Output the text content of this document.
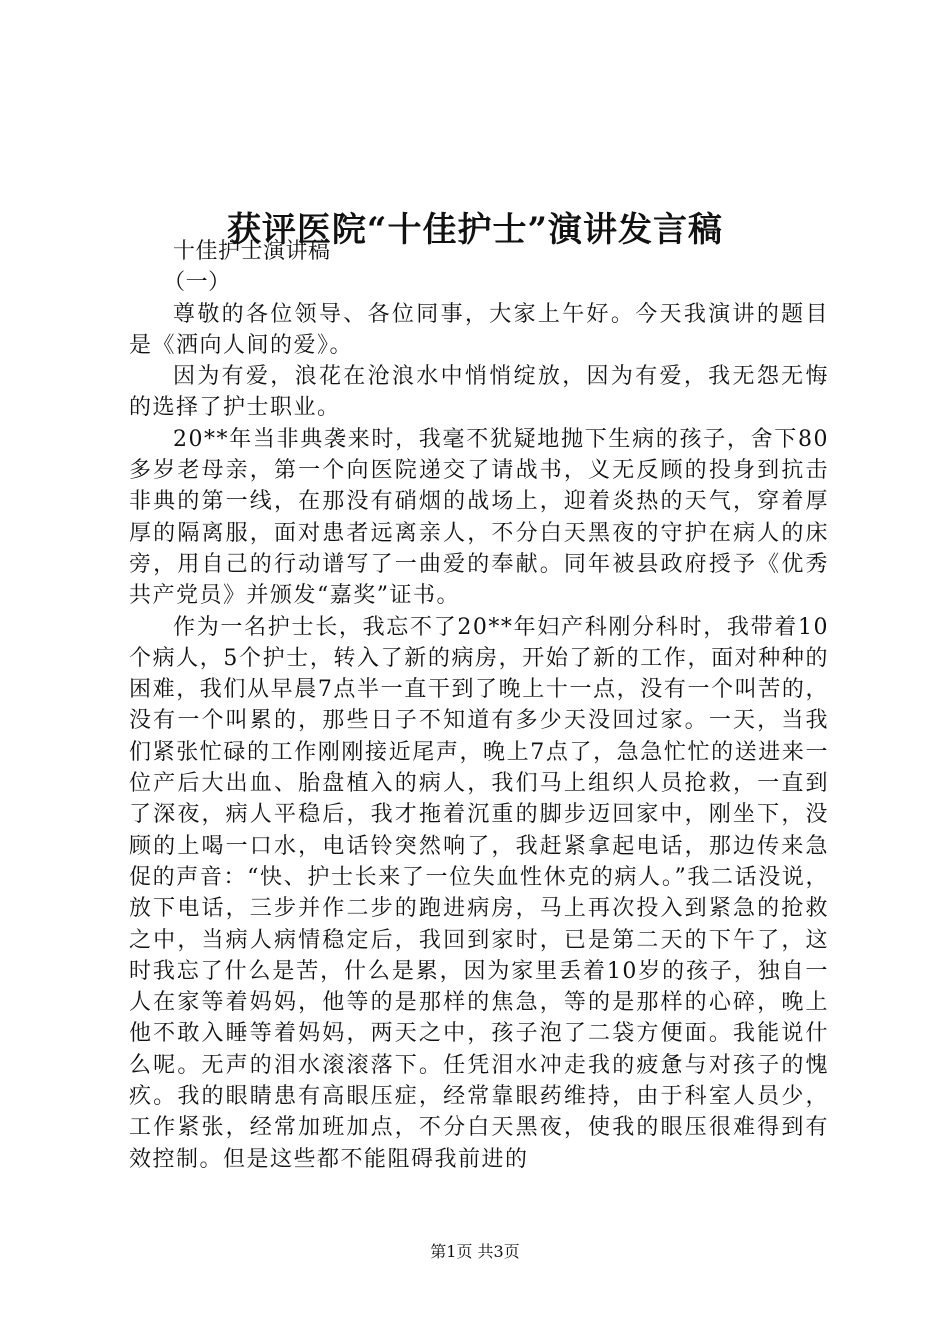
获评医院“十佳护士”演讲发言稿

十佳护士演讲稿

（一）

尊敬的各位领导、各位同事，大家上午好。今天我演讲的题目是《洒向人间的爱》。

因为有爱，浪花在沧浪水中悄悄绽放，因为有爱，我无怨无悔的选择了护士职业。

20**年当非典袭来时，我毫不犹疑地抛下生病的孩子，舍下80多岁老母亲，第一个向医院递交了请战书，义无反顾的投身到抗击非典的第一线，在那没有硝烟的战场上，迎着炎热的天气，穿着厚厚的隔离服，面对患者远离亲人，不分白天黑夜的守护在病人的床旁，用自己的行动谱写了一曲爱的奉献。同年被县政府授予《优秀共产党员》并颁发“嘉奖”证书。

作为一名护士长，我忘不了20**年妇产科刚分科时，我带着10个病人，5个护士，转入了新的病房，开始了新的工作，面对种种的困难，我们从早晨7点半一直干到了晚上十一点，没有一个叫苦的，没有一个叫累的，那些日子不知道有多少天没回过家。一天，当我们紧张忙碌的工作刚刚接近尾声，晚上7点了，急急忙忙的送进来一位产后大出血、胎盘植入的病人，我们马上组织人员抢救，一直到了深夜，病人平稳后，我才拖着沉重的脚步迈回家中，刚坐下，没顾的上喝一口水，电话铃突然响了，我赶紧拿起电话，那边传来急促的声音：“快、护士长来了一位失血性休克的病人。”我二话没说，放下电话，三步并作二步的跑进病房，马上再次投入到紧急的抢救之中，当病人病情稳定后，我回到家时，已是第二天的下午了，这时我忘了什么是苦，什么是累，因为家里丢着10岁的孩子，独自一人在家等着妈妈，他等的是那样的焦急，等的是那样的心碎，晚上他不敢入睡等着妈妈，两天之中，孩子泡了二袋方便面。我能说什么呢。无声的泪水滚滚落下。任凭泪水冲走我的疲惫与对孩子的愧疚。我的眼睛患有高眼压症，经常靠眼药维持，由于科室人员少，工作紧张，经常加班加点，不分白天黑夜，使我的眼压很难得到有效控制。但是这些都不能阻碍我前进的

第1页 共3页
